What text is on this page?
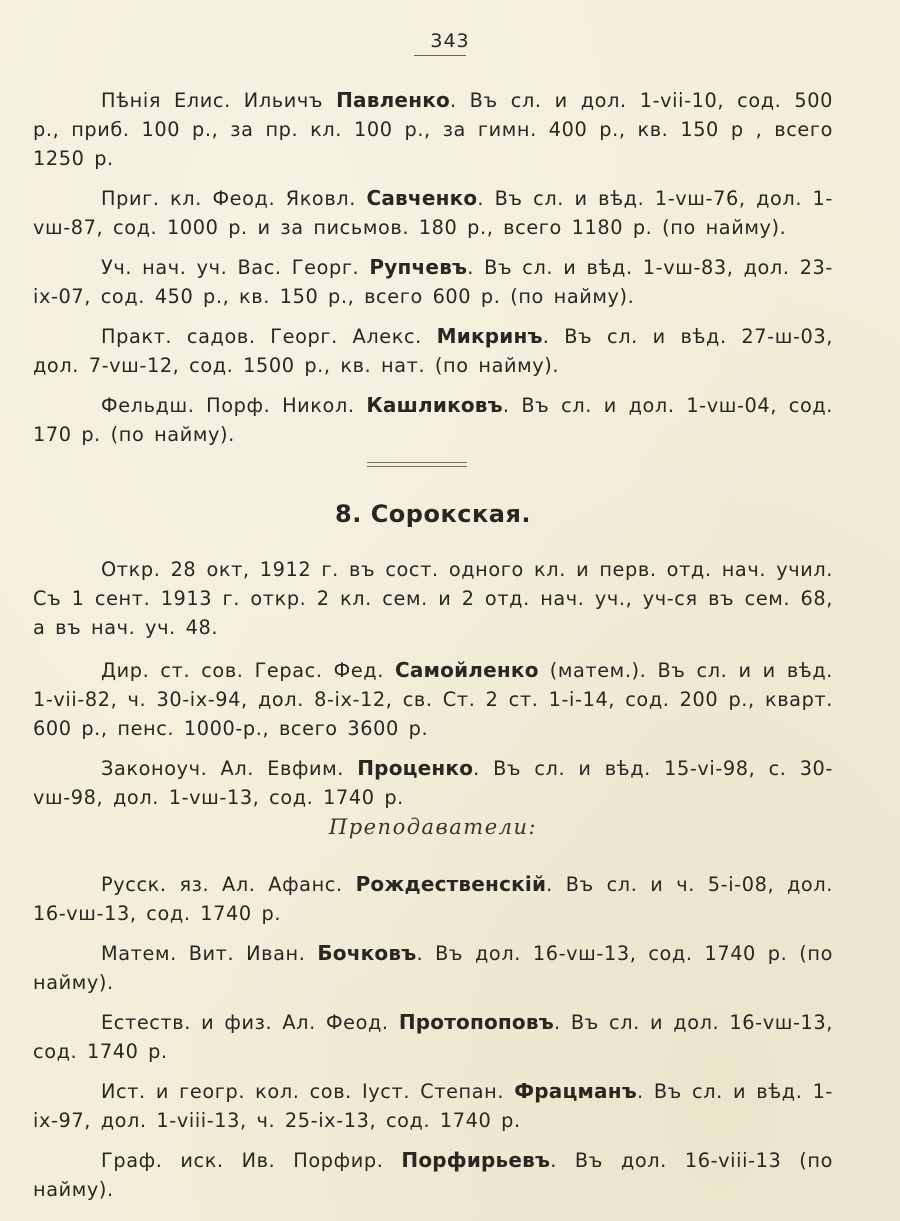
343

Пѣнія Елис. Ильичъ Павленко. Въ сл. и дол. 1-vii-10, сод. 500 р., приб. 100 р., за пр. кл. 100 р., за гимн. 400 р., кв. 150 р , всего 1250 р.

Приг. кл. Феод. Яковл. Савченко. Въ сл. и вѣд. 1-vш-76, дол. 1-vш-87, сод. 1000 р. и за письмов. 180 р., всего 1180 р. (по найму).

Уч. нач. уч. Вас. Георг. Рупчевъ. Въ сл. и вѣд. 1-vш-83, дол. 23-ix-07, сод. 450 р., кв. 150 р., всего 600 р. (по найму).

Практ. садов. Георг. Алекс. Микринъ. Въ сл. и вѣд. 27-ш-03, дол. 7-vш-12, сод. 1500 р., кв. нат. (по найму).

Фельдш. Порф. Никол. Кашликовъ. Въ сл. и дол. 1-vш-04, сод. 170 р. (по найму).

8. Сорокская.

Откр. 28 окт, 1912 г. въ сост. одного кл. и перв. отд. нач. учил. Съ 1 сент. 1913 г. откр. 2 кл. сем. и 2 отд. нач. уч., уч-ся въ сем. 68, а въ нач. уч. 48.

Дир. ст. сов. Герас. Фед. Самойленко (матем.). Въ сл. и и вѣд. 1-vii-82, ч. 30-ix-94, дол. 8-ix-12, св. Ст. 2 ст. 1-i-14, сод. 200 р., кварт. 600 р., пенс. 1000-р., всего 3600 р.

Законоуч. Ал. Евфим. Проценко. Въ сл. и вѣд. 15-vi-98, с. 30-vш-98, дол. 1-vш-13, сод. 1740 р.

Преподаватели:

Русск. яз. Ал. Афанс. Рождественскій. Въ сл. и ч. 5-i-08, дол. 16-vш-13, сод. 1740 р.

Матем. Вит. Иван. Бочковъ. Въ дол. 16-vш-13, сод. 1740 р. (по найму).

Естеств. и физ. Ал. Феод. Протопоповъ. Въ сл. и дол. 16-vш-13, сод. 1740 р.

Ист. и геогр. кол. сов. Іуст. Степан. Фрацманъ. Въ сл. и вѣд. 1-ix-97, дол. 1-viii-13, ч. 25-ix-13, сод. 1740 р.

Граф. иск. Ив. Порфир. Порфирьевъ. Въ дол. 16-viii-13 (по найму).
